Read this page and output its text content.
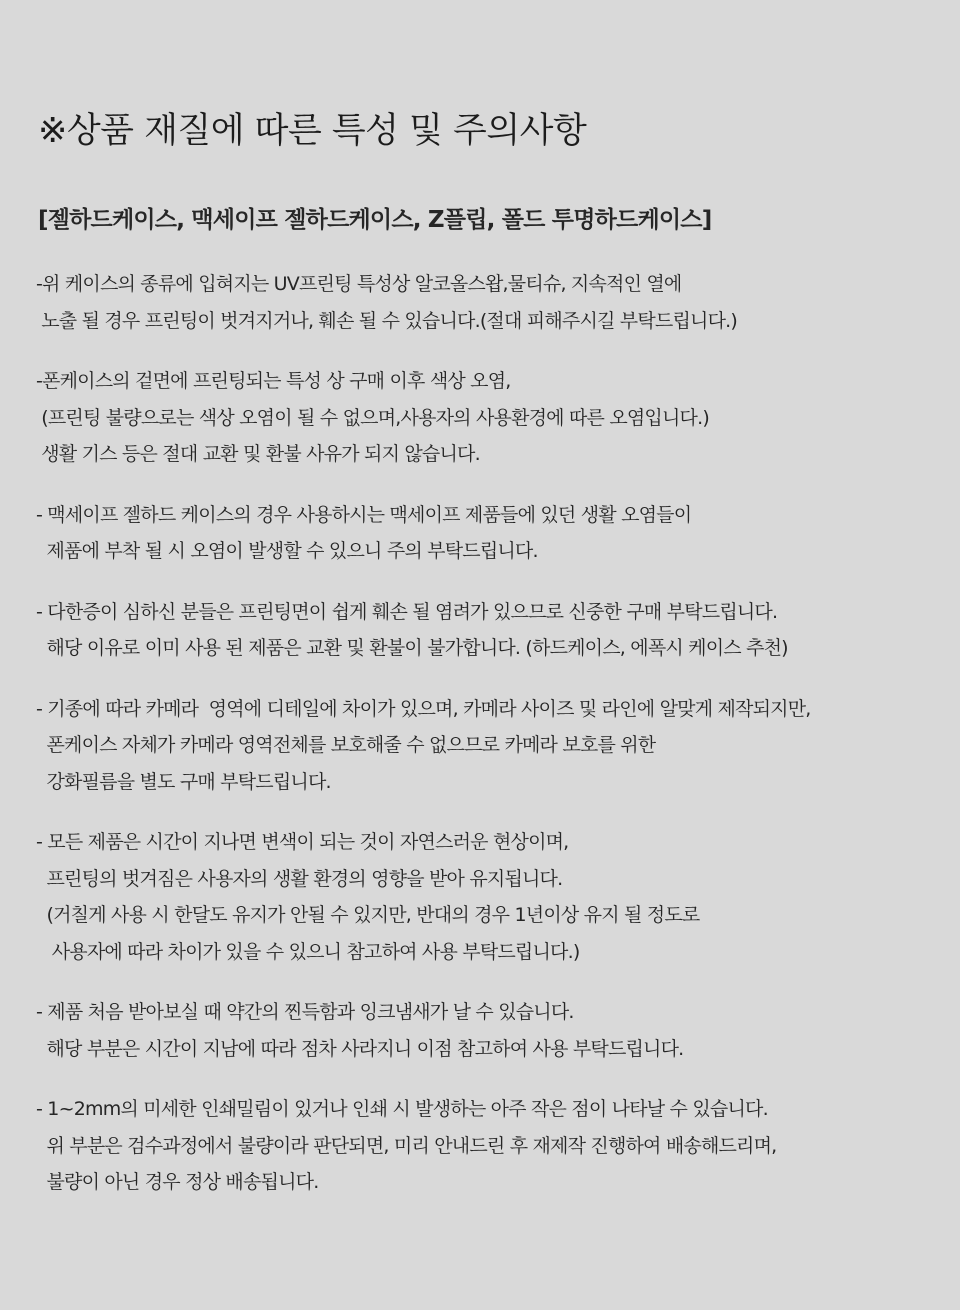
※상품 재질에 따른 특성 및 주의사항
[젤하드케이스, 맥세이프 젤하드케이스, Z플립, 폴드 투명하드케이스]
-위 케이스의 종류에 입혀지는 UV프린팅 특성상 알코올스왑,물티슈, 지속적인 열에
노출 될 경우 프린팅이 벗겨지거나, 훼손 될 수 있습니다.(절대 피해주시길 부탁드립니다.)
-폰케이스의 겉면에 프린팅되는 특성 상 구매 이후 색상 오염,
(프린팅 불량으로는 색상 오염이 될 수 없으며,사용자의 사용환경에 따른 오염입니다.)
생활 기스 등은 절대 교환 및 환불 사유가 되지 않습니다.
- 맥세이프 젤하드 케이스의 경우 사용하시는 맥세이프 제품들에 있던 생활 오염들이
제품에 부착 될 시 오염이 발생할 수 있으니 주의 부탁드립니다.
- 다한증이 심하신 분들은 프린팅면이 쉽게 훼손 될 염려가 있으므로 신중한 구매 부탁드립니다.
해당 이유로 이미 사용 된 제품은 교환 및 환불이 불가합니다. (하드케이스, 에폭시 케이스 추천)
- 기종에 따라 카메라  영역에 디테일에 차이가 있으며, 카메라 사이즈 및 라인에 알맞게 제작되지만,
폰케이스 자체가 카메라 영역전체를 보호해줄 수 없으므로 카메라 보호를 위한
강화필름을 별도 구매 부탁드립니다.
- 모든 제품은 시간이 지나면 변색이 되는 것이 자연스러운 현상이며,
프린팅의 벗겨짐은 사용자의 생활 환경의 영향을 받아 유지됩니다.
(거칠게 사용 시 한달도 유지가 안될 수 있지만, 반대의 경우 1년이상 유지 될 정도로
사용자에 따라 차이가 있을 수 있으니 참고하여 사용 부탁드립니다.)
- 제품 처음 받아보실 때 약간의 찐득함과 잉크냄새가 날 수 있습니다.
해당 부분은 시간이 지남에 따라 점차 사라지니 이점 참고하여 사용 부탁드립니다.
- 1~2mm의 미세한 인쇄밀림이 있거나 인쇄 시 발생하는 아주 작은 점이 나타날 수 있습니다.
위 부분은 검수과정에서 불량이라 판단되면, 미리 안내드린 후 재제작 진행하여 배송해드리며,
불량이 아닌 경우 정상 배송됩니다.
